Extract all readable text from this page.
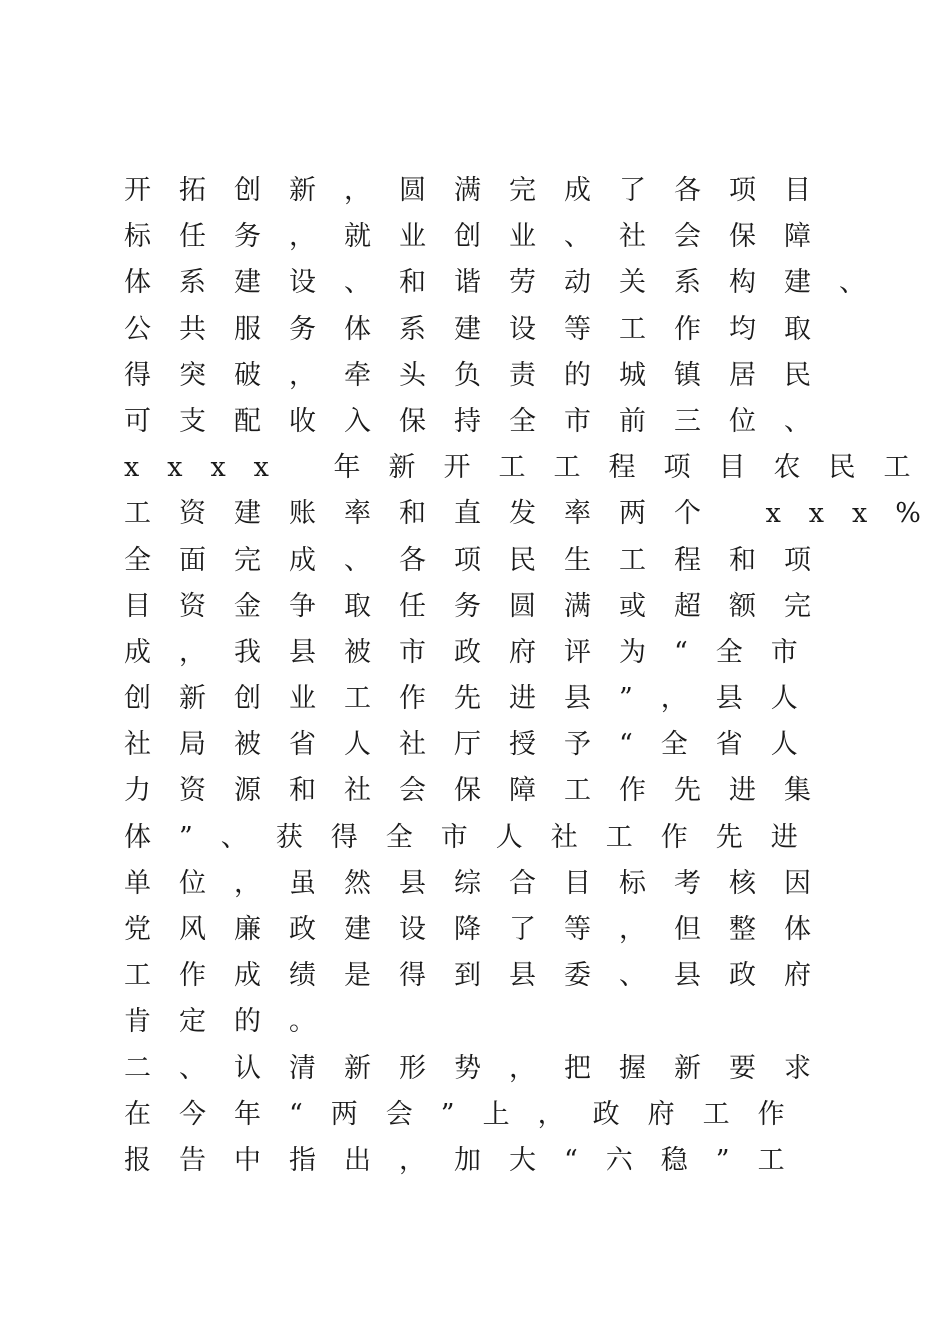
开拓创新，圆满完成了各项目
标任务，就业创业、社会保障
体系建设、和谐劳动关系构建、
公共服务体系建设等工作均取
得突破，牵头负责的城镇居民
可支配收入保持全市前三位、
xxxx 年新开工工程项目农民工
工资建账率和直发率两个 xxx%
全面完成、各项民生工程和项
目资金争取任务圆满或超额完
成，我县被市政府评为“全市
创新创业工作先进县”，县人
社局被省人社厅授予“全省人
力资源和社会保障工作先进集
体”、获得全市人社工作先进
单位，虽然县综合目标考核因
党风廉政建设降了等，但整体
工作成绩是得到县委、县政府
肯定的。
二、认清新形势，把握新要求
在今年“两会”上，政府工作
报告中指出，加大“六稳”工
